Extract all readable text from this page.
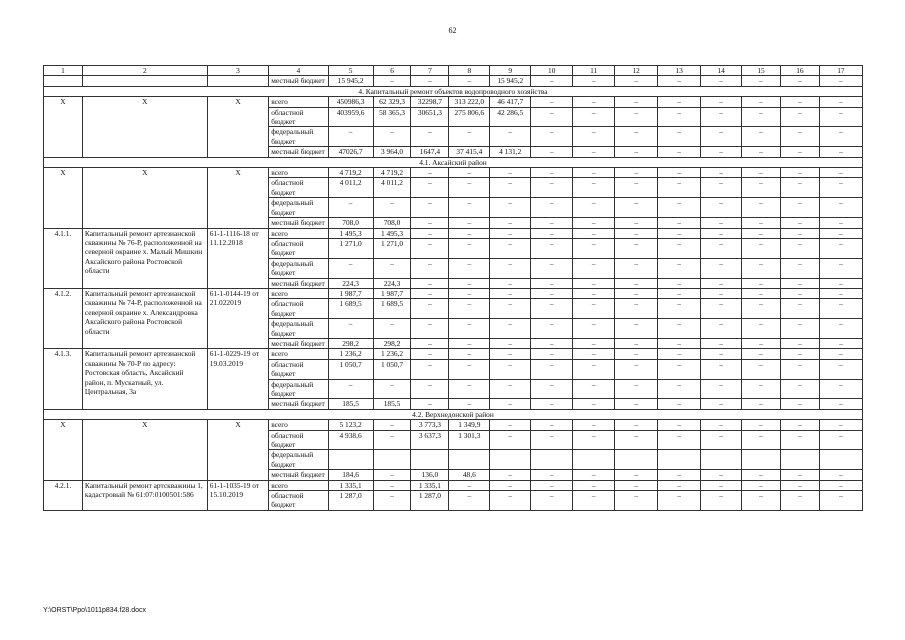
62
1	2	3	4	5	6	7	8	9	10	11	12	13	14	15	16	17
			местный бюджет	15 945,2	–	–	–	15 945,2	–	–	–	–	–	–	–	–
4. Капитальный ремонт объектов водопроводного хозяйства																
X	X	X	всего	450986,3	62 329,3	32298,7	313 222,0	46 417,7	–	–	–	–	–	–	–	–
			областной бюджет	403959,6	58 365,3	30651,3	275 806,6	42 286,5	–	–	–	–	–	–	–	–
			федеральный бюджет	–	–	–	–	–	–	–	–	–	–	–	–	–
			местный бюджет	47026,7	3 964,0	1647,4	37 415,4	4 131,2	–	–	–	–	–	–	–	–
4.1. Аксайский район																
X	X	X	всего	4 719,2	4 719,2	–	–	–	–	–	–	–	–	–	–	–
			областной бюджет	4 011,2	4 011,2	–	–	–	–	–	–	–	–	–	–	–
			федеральный бюджет	–	–	–	–	–	–	–	–	–	–	–	–	–
			местный бюджет	708,0	708,0	–	–	–	–	–	–	–	–	–	–	–
4.1.1.	Капитальный ремонт артезианской скважины № 76-Р, расположенной на северной окраине х. Малый Мишкин Аксайского района Ростовской области	61-1-1116-18 от 11.12.2018	всего	1 495,3	1 495,3	–	–	–	–	–	–	–	–	–	–	–
			областной бюджет	1 271,0	1 271,0	–	–	–	–	–	–	–	–	–	–	–
			федеральный бюджет	–	–	–	–	–	–	–	–	–	–	–	–	–
			местный бюджет	224,3	224,3	–	–	–	–	–	–	–	–	–	–	–
4.1.2.	Капитальный ремонт артезианской скважины № 74-Р, расположенной на северной окраине х. Александровка Аксайского района Ростовской области	61-1-0144-19 от 21.022019	всего	1 987,7	1 987,7	–	–	–	–	–	–	–	–	–	–	–
			областной бюджет	1 689,5	1 689,5	–	–	–	–	–	–	–	–	–	–	–
			федеральный бюджет	–	–	–	–	–	–	–	–	–	–	–	–	–
			местный бюджет	298,2	298,2	–	–	–	–	–	–	–	–	–	–	–
4.1.3.	Капитальный ремонт артезианской скважины № 70-Р по адресу: Ростовская область, Аксайский район, п. Мускатный, ул. Центральная, 3а	61-1-0229-19 от 19.03.2019	всего	1 236,2	1 236,2	–	–	–	–	–	–	–	–	–	–	–
			областной бюджет	1 050,7	1 050,7	–	–	–	–	–	–	–	–	–	–	–
			федеральный бюджет	–	–	–	–	–	–	–	–	–	–	–	–	–
			местный бюджет	185,5	185,5	–	–	–	–	–	–	–	–	–	–	–
4.2. Верхнедонской район																
X	X	X	всего	5 123,2	–	3 773,3	1 349,9	–	–	–	–	–	–	–	–	–
			областной бюджет	4 938,6	–	3 637,3	1 301,3	–	–	–	–	–	–	–	–	–
			федеральный бюджет													
			местный бюджет	184,6	–	136,0	48,6	–	–	–	–	–	–	–	–	–
4.2.1.	Капитальный ремонт артскважины 1, кадастровый № 61:07:0100501:586	61-1-1035-19 от 15.10.2019	всего	1 335,1	–	1 335,1	–	–	–	–	–	–	–	–	–	–
			областной бюджет	1 287,0	–	1 287,0	–	–	–	–	–	–	–	–	–	–
Y:\ORST\Ppo\1011p834.f28.docx
